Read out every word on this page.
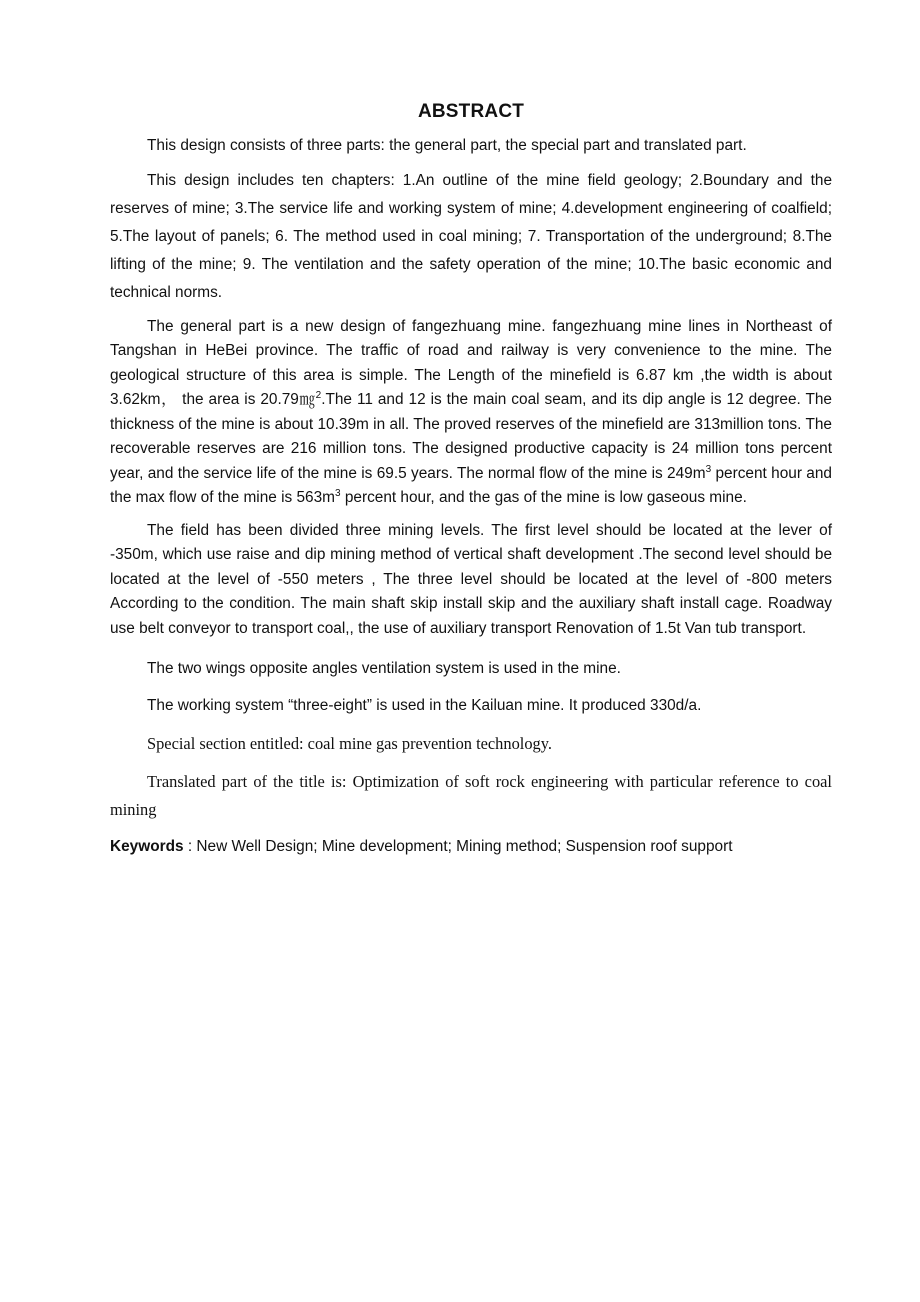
ABSTRACT

This design consists of three parts: the general part, the special part and translated part.

This design includes ten chapters: 1.An outline of the mine field geology; 2.Boundary and the reserves of mine; 3.The service life and working system of mine; 4.development engineering of coalfield; 5.The layout of panels; 6. The method used in coal mining; 7. Transportation of the underground; 8.The lifting of the mine; 9. The ventilation and the safety operation of the mine; 10.The basic economic and technical norms.

The general part is a new design of fangezhuang mine. fangezhuang mine lines in Northeast of Tangshan in HeBei province. The traffic of road and railway is very convenience to the mine. The geological structure of this area is simple. The Length of the minefield is 6.87 km ,the width is about 3.62km， the area is 20.79㎎$^2$.The 11 and 12 is the main coal seam, and its dip angle is 12 degree. The thickness of the mine is about 10.39m in all. The proved reserves of the minefield are 313million tons. The recoverable reserves are 216 million tons. The designed productive capacity is 24 million tons percent year, and the service life of the mine is 69.5 years. The normal flow of the mine is $249m^3$ percent hour and the max flow of the mine is $563m^3$ percent hour, and the gas of the mine is low gaseous mine.

The field has been divided three mining levels. The first level should be located at the lever of -350m, which use raise and dip mining method of vertical shaft development .The second level should be located at the level of -550 meters , The three level should be located at the level of -800 meters According to the condition. The main shaft skip install skip and the auxiliary shaft install cage. Roadway use belt conveyor to transport coal,, the use of auxiliary transport Renovation of 1.5t Van tub transport.

The two wings opposite angles ventilation system is used in the mine.

The working system “three-eight” is used in the Kailuan mine. It produced 330d/a.

Special section entitled: coal mine gas prevention technology.

Translated part of the title is: Optimization of soft rock engineering with particular reference to coal mining

Keywords : New Well Design; Mine development; Mining method; Suspension roof support
